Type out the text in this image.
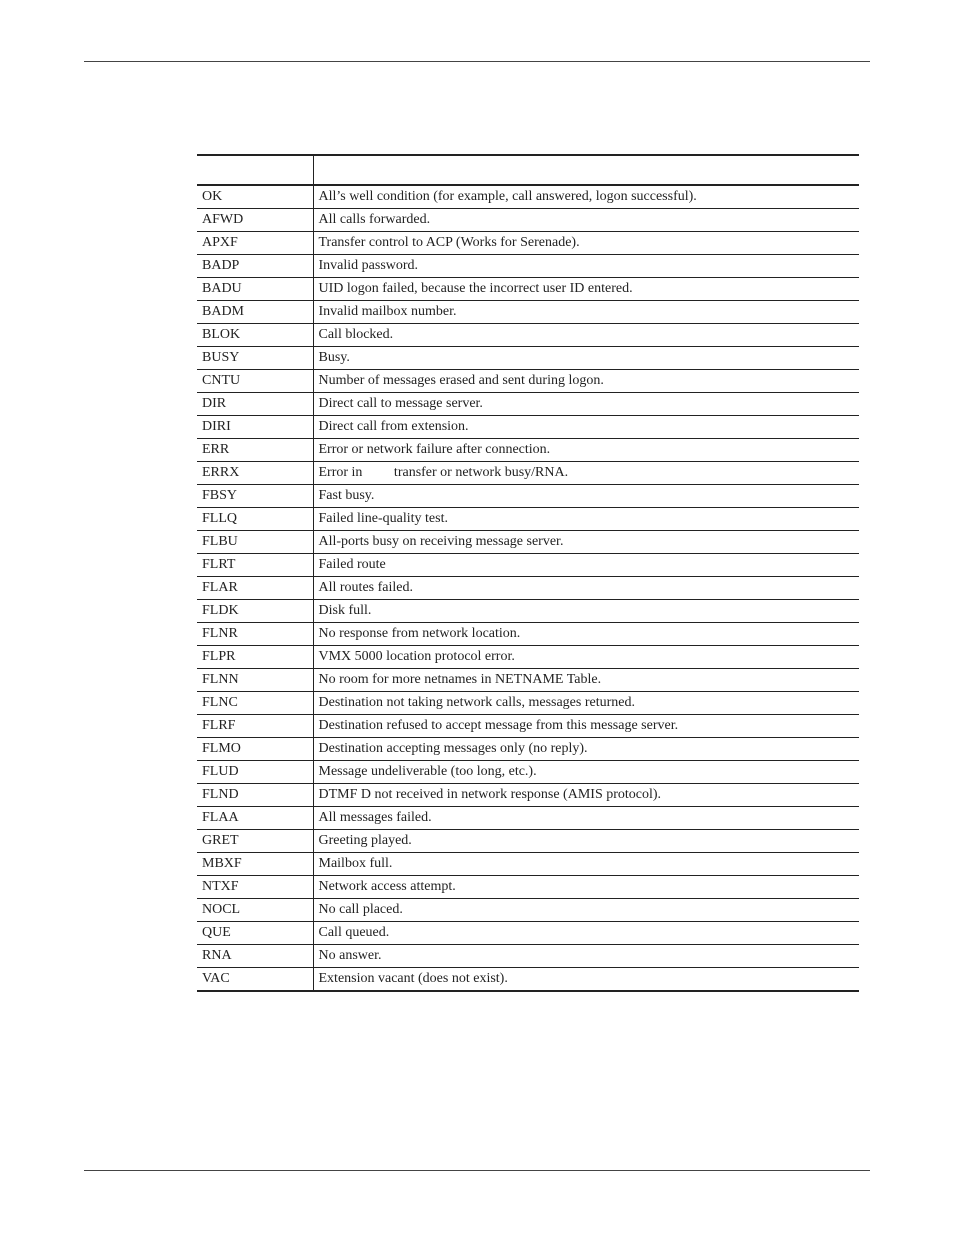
OK	All’s well condition (for example, call answered, logon successful).
AFWD	All calls forwarded.
APXF	Transfer control to ACP (Works for Serenade).
BADP	Invalid password.
BADU	UID logon failed, because the incorrect user ID entered.
BADM	Invalid mailbox number.
BLOK	Call blocked.
BUSY	Busy.
CNTU	Number of messages erased and sent during logon.
DIR	Direct call to message server.
DIRI	Direct call from extension.
ERR	Error or network failure after connection.
ERRX	Error in         transfer or network busy/RNA.
FBSY	Fast busy.
FLLQ	Failed line-quality test.
FLBU	All-ports busy on receiving message server.
FLRT	Failed route
FLAR	All routes failed.
FLDK	Disk full.
FLNR	No response from network location.
FLPR	VMX 5000 location protocol error.
FLNN	No room for more netnames in NETNAME Table.
FLNC	Destination not taking network calls, messages returned.
FLRF	Destination refused to accept message from this message server.
FLMO	Destination accepting messages only (no reply).
FLUD	Message undeliverable (too long, etc.).
FLND	DTMF D not received in network response (AMIS protocol).
FLAA	All messages failed.
GRET	Greeting played.
MBXF	Mailbox full.
NTXF	Network access attempt.
NOCL	No call placed.
QUE	Call queued.
RNA	No answer.
VAC	Extension vacant (does not exist).
